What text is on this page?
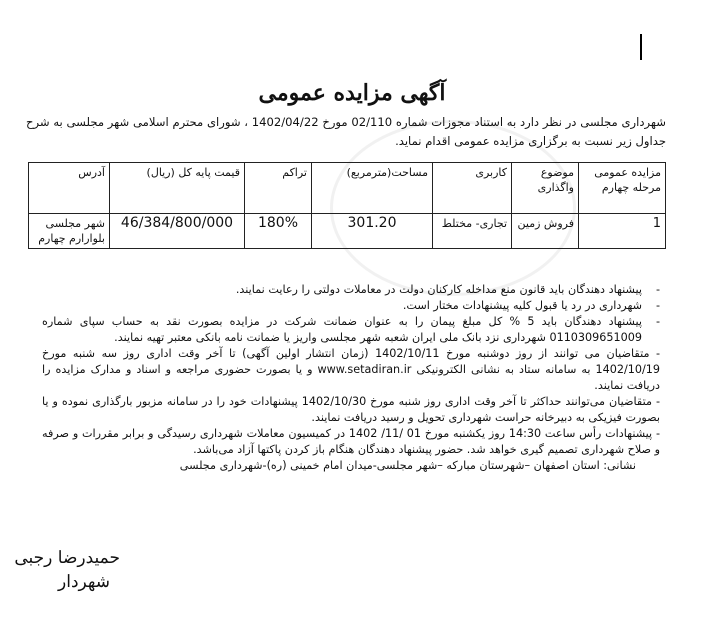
آگهی مزایده عمومی
شهرداری مجلسی در نظر دارد به استناد مجوزات شماره 02/110 مورخ 1402/04/22 ، شورای محترم اسلامی شهر مجلسی به شرح جداول زیر نسبت به برگزاری مزایده عمومی اقدام نماید.
مزایده عمومی مرحله چهارم	موضوع واگذاری	کاربری	مساحت(مترمربع)	تراکم	قیمت پایه کل (ریال)	آدرس
1	فروش زمین	تجاری- مختلط	301.20	180%	46/384/800/000	شهر مجلسی بلوارارم چهارم

- پیشنهاد دهندگان باید قانون منع مداخله کارکنان دولت در معاملات دولتی را رعایت نمایند.

- شهرداری در رد یا قبول کلیه پیشنهادات مختار است.

- پیشنهاد دهندگان باید 5 % کل مبلغ پیمان را به عنوان ضمانت شرکت در مزایده بصورت نقد به حساب سپای شماره 0110309651009 شهرداری نزد بانک ملی ایران شعبه شهر مجلسی واریز یا ضمانت نامه بانکی معتبر تهیه نمایند.

- متقاضیان می توانند از روز دوشنبه مورخ 1402/10/11 (زمان انتشار اولین آگهی) تا آخر وقت اداری روز سه شنبه مورخ 1402/10/19 به سامانه ستاد به نشانی الکترونیکی www.setadiran.ir و یا بصورت حضوری مراجعه و اسناد و مدارک مزایده را دریافت نمایند.

- متقاضیان می‌توانند حداکثر تا آخر وقت اداری روز شنبه مورخ 1402/10/30 پیشنهادات خود را در سامانه مزبور بارگذاری نموده و یا بصورت فیزیکی به دبیرخانه حراست شهرداری تحویل و رسید دریافت نمایند.

- پیشنهادات رأس ساعت 14:30 روز یکشنبه مورخ 01 /11/ 1402 در کمیسیون معاملات شهرداری رسیدگی و برابر مقررات و صرفه و صلاح شهرداری تصمیم گیری خواهد شد. حضور پیشنهاد دهندگان هنگام باز کردن پاکتها آزاد می‌باشد.

نشانی: استان اصفهان –شهرستان مبارکه –شهر مجلسی-میدان امام خمینی (ره)-شهرداری مجلسی

حمیدرضا رجبی
شهردار
